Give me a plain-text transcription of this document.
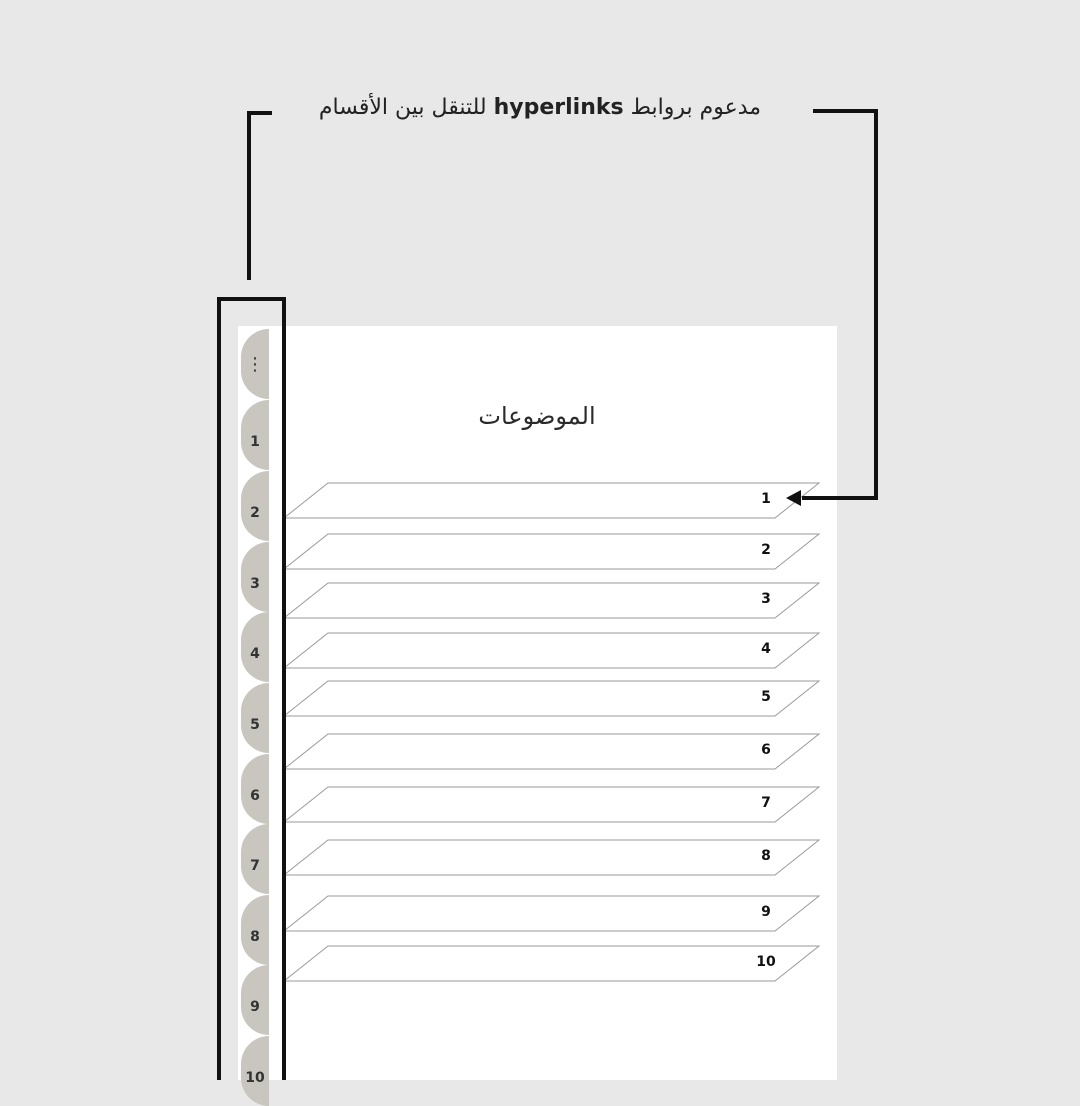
الموضوعات
⋮
1
2
3
4
5
6
7
8
9
10
1
2
3
4
5
6
7
8
9
10
مدعوم بروابط hyperlinks للتنقل بين الأقسام
